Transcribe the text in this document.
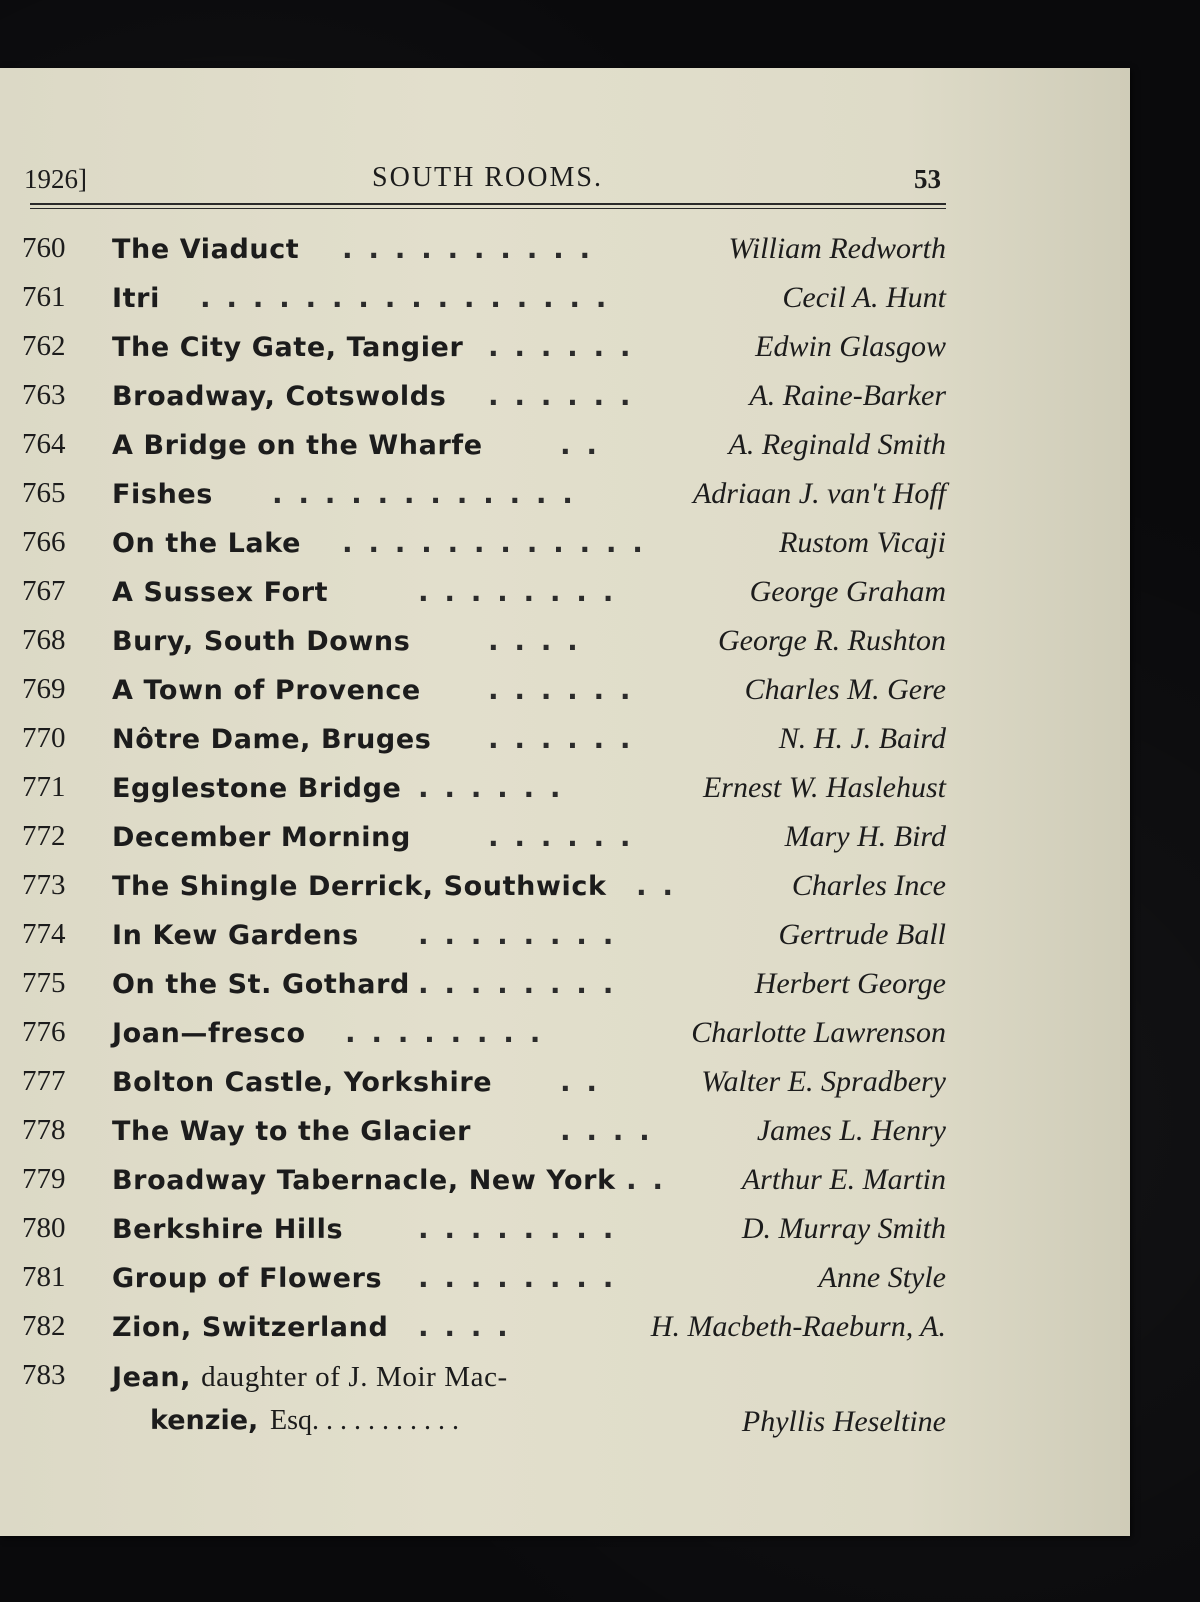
1926]	SOUTH ROOMS.	53
760 The Viaduct . . . . . . . . . .	William Redworth
761 Itri . . . . . . . . . . . . . . . .	Cecil A. Hunt
762 The City Gate, Tangier . . . . . .	Edwin Glasgow
763 Broadway, Cotswolds . . . . . .	A. Raine-Barker
764 A Bridge on the Wharfe	. .	A. Reginald Smith
765 Fishes . . . . . . . . . . . .	Adriaan J. van't Hoff
766 On the Lake . . . . . . . . . . . .	Rustom Vicaji
767 A Sussex Fort	. . . . . . . .	George Graham
768 Bury, South Downs	. . . .	George R. Rushton
769 A Town of Provence . . . . . .	Charles M. Gere
770 Nôtre Dame, Bruges . . . . . .	N. H. J. Baird
771 Egglestone Bridge . . . . . .	Ernest W. Haslehust
772 December Morning	. . . . . .	Mary H. Bird
773 The Shingle Derrick, Southwick . .	Charles Ince
774 In Kew Gardens . . . . . . . .	Gertrude Ball
775 On the St. Gothard . . . . . . . .	Herbert George
776 Joan—fresco . . . . . . . .	Charlotte Lawrenson
777 Bolton Castle, Yorkshire . .	Walter E. Spradbery
778 The Way to the Glacier	. . . .	James L. Henry
779 Broadway Tabernacle, New York . .	Arthur E. Martin
780 Berkshire Hills	. . . . . . . .	D. Murray Smith
781 Group of Flowers . . . . . . . .	Anne Style
782 Zion, Switzerland . . . .	H. Macbeth-Raeburn, A.
783 Jean, daughter of J. Moir Mac-
kenzie, Esq. . . . . . . . . . .	Phyllis Heseltine
